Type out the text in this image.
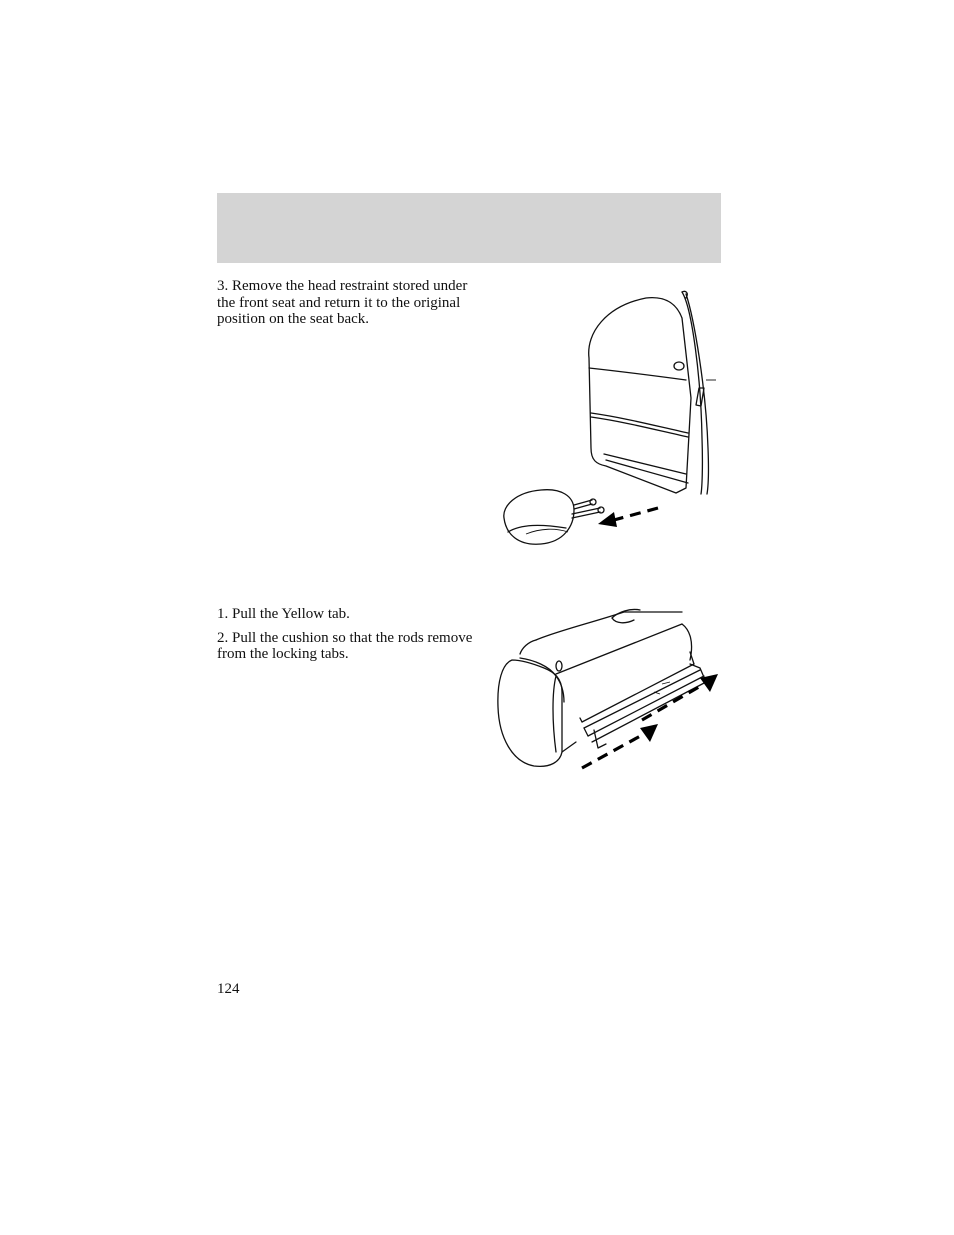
3. Remove the head restraint stored under the front seat and return it to the original position on the seat back.

1. Pull the Yellow tab.

2. Pull the cushion so that the rods remove from the locking tabs.

124
